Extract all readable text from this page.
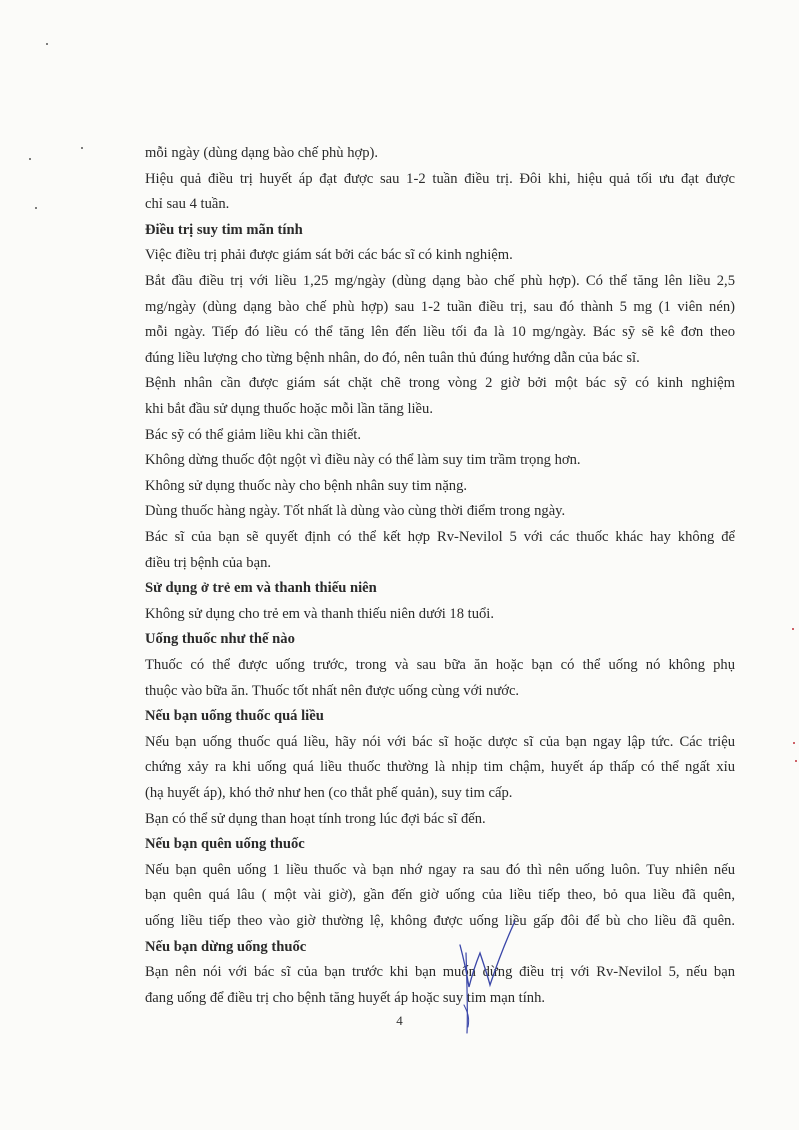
mỗi ngày (dùng dạng bào chế phù hợp).
Hiệu quả điều trị huyết áp đạt được sau 1-2 tuần điều trị. Đôi khi, hiệu quả tối ưu đạt được
chỉ sau 4 tuần.
Điều trị suy tim mãn tính
Việc điều trị phải được giám sát bởi các bác sĩ có kinh nghiệm.
Bắt đầu điều trị với liều 1,25 mg/ngày (dùng dạng bào chế phù hợp). Có thể tăng lên liều 2,5
mg/ngày (dùng dạng bào chế phù hợp) sau 1-2 tuần điều trị, sau đó thành 5 mg (1 viên nén)
mỗi ngày. Tiếp đó liều có thể tăng lên đến liều tối đa là 10 mg/ngày. Bác sỹ sẽ kê đơn theo
đúng liều lượng cho từng bệnh nhân, do đó, nên tuân thủ đúng hướng dẫn của bác sĩ.
Bệnh nhân cần được giám sát chặt chẽ trong vòng 2 giờ bởi một bác sỹ có kinh nghiệm
khi bắt đầu sử dụng thuốc hoặc mỗi lần tăng liều.
Bác sỹ có thể giảm liều khi cần thiết.
Không dừng thuốc đột ngột vì điều này có thể làm suy tim trầm trọng hơn.
Không sử dụng thuốc này cho bệnh nhân suy tim nặng.
Dùng thuốc hàng ngày. Tốt nhất là dùng vào cùng thời điểm trong ngày.
Bác sĩ của bạn sẽ quyết định có thể kết hợp Rv-Nevilol 5 với các thuốc khác hay không để
điều trị bệnh của bạn.
Sử dụng ở trẻ em và thanh thiếu niên
Không sử dụng cho trẻ em và thanh thiếu niên dưới 18 tuổi.
Uống thuốc như thế nào
Thuốc có thể được uống trước, trong và sau bữa ăn hoặc bạn có thể uống nó không phụ
thuộc vào bữa ăn. Thuốc tốt nhất nên được uống cùng với nước.
Nếu bạn uống thuốc quá liều
Nếu bạn uống thuốc quá liều, hãy nói với bác sĩ hoặc dược sĩ của bạn ngay lập tức. Các triệu
chứng xảy ra khi uống quá liều thuốc thường là nhịp tim chậm, huyết áp thấp có thể ngất xỉu
(hạ huyết áp), khó thở như hen (co thắt phế quản), suy tim cấp.
Bạn có thể sử dụng than hoạt tính trong lúc đợi bác sĩ đến.
Nếu bạn quên uống thuốc
Nếu bạn quên uống 1 liều thuốc và bạn nhớ ngay ra sau đó thì nên uống luôn. Tuy nhiên nếu
bạn quên quá lâu ( một vài giờ), gần đến giờ uống của liều tiếp theo, bỏ qua liều đã quên,
uống liều tiếp theo vào giờ thường lệ, không được uống liều gấp đôi để bù cho liều đã quên.
Nếu bạn dừng uống thuốc
Bạn nên nói với bác sĩ của bạn trước khi bạn muốn dừng điều trị với Rv-Nevilol 5, nếu bạn
đang uống để điều trị cho bệnh tăng huyết áp hoặc suy tim mạn tính.
4
